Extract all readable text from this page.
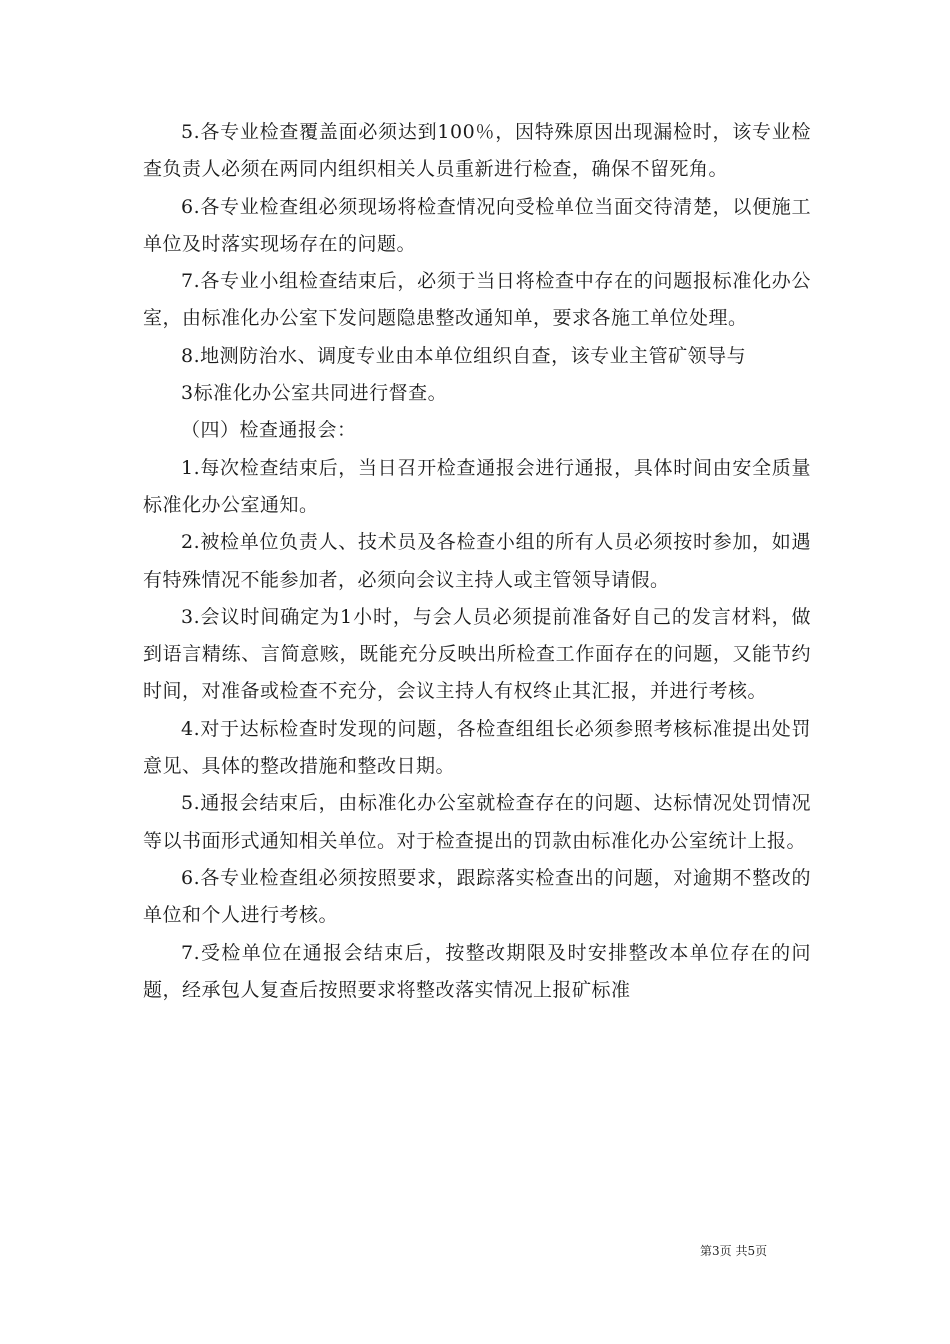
5.各专业检查覆盖面必须达到100％，因特殊原因出现漏检时，该专业检查负责人必须在两同内组织相关人员重新进行检查，确保不留死角。

6.各专业检查组必须现场将检查情况向受检单位当面交待清楚，以便施工单位及时落实现场存在的问题。

7.各专业小组检查结束后，必须于当日将检查中存在的问题报标准化办公室，由标准化办公室下发问题隐患整改通知单，要求各施工单位处理。

8.地测防治水、调度专业由本单位组织自查，该专业主管矿领导与

3标准化办公室共同进行督查。

（四）检查通报会：

1.每次检查结束后，当日召开检查通报会进行通报，具体时间由安全质量标准化办公室通知。

2.被检单位负责人、技术员及各检查小组的所有人员必须按时参加，如遇有特殊情况不能参加者，必须向会议主持人或主管领导请假。

3.会议时间确定为1小时，与会人员必须提前准备好自己的发言材料，做到语言精练、言简意赅，既能充分反映出所检查工作面存在的问题，又能节约时间，对准备或检查不充分，会议主持人有权终止其汇报，并进行考核。

4.对于达标检查时发现的问题，各检查组组长必须参照考核标准提出处罚意见、具体的整改措施和整改日期。

5.通报会结束后，由标准化办公室就检查存在的问题、达标情况处罚情况等以书面形式通知相关单位。对于检查提出的罚款由标准化办公室统计上报。

6.各专业检查组必须按照要求，跟踪落实检查出的问题，对逾期不整改的单位和个人进行考核。

7.受检单位在通报会结束后，按整改期限及时安排整改本单位存在的问题，经承包人复查后按照要求将整改落实情况上报矿标准

第3页 共5页
